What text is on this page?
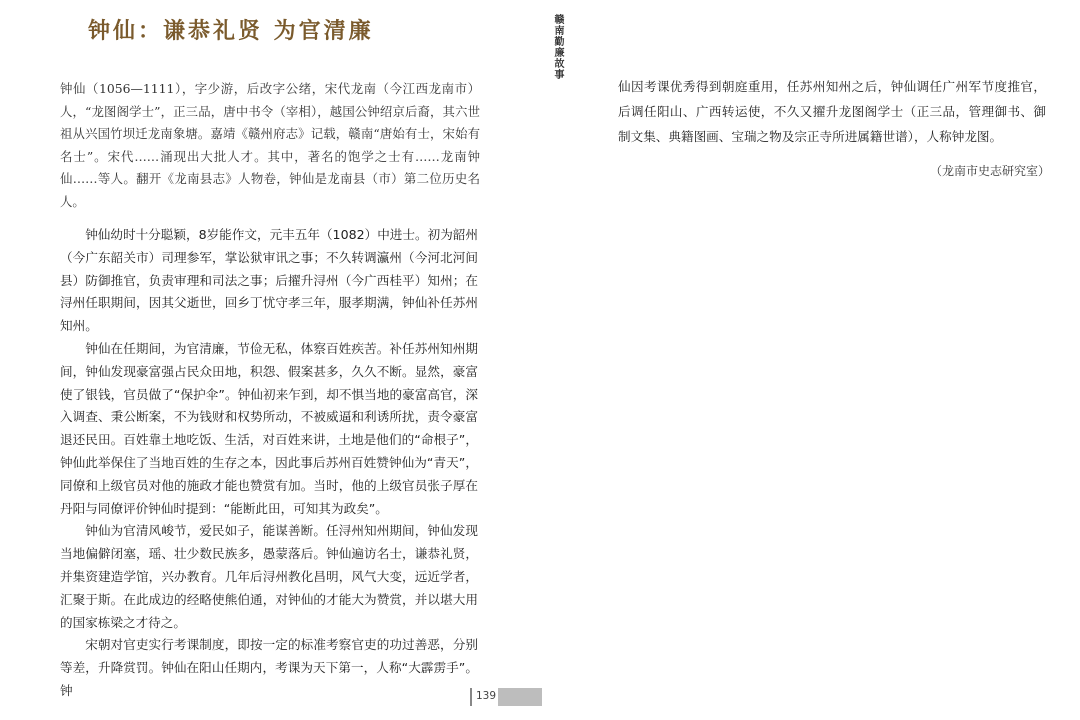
钟仙：谦恭礼贤 为官清廉
钟仙（1056—1111），字少游，后改字公绪，宋代龙南（今江西龙南市）人，“龙图阁学士”，正三品，唐中书令（宰相），越国公钟绍京后裔，其六世祖从兴国竹坝迁龙南象塘。嘉靖《赣州府志》记载，赣南“唐始有士，宋始有名士”。宋代……涌现出大批人才。其中，著名的饱学之士有……龙南钟仙……等人。翻开《龙南县志》人物卷，钟仙是龙南县（市）第二位历史名人。

钟仙幼时十分聪颖，8岁能作文，元丰五年（1082）中进士。初为韶州（今广东韶关市）司理参军，掌讼狱审讯之事；不久转调瀛州（今河北河间县）防御推官，负责审理和司法之事；后擢升浔州（今广西桂平）知州；在浔州任职期间，因其父逝世，回乡丁忧守孝三年，服孝期满，钟仙补任苏州知州。

钟仙在任期间，为官清廉，节俭无私，体察百姓疾苦。补任苏州知州期间，钟仙发现豪富强占民众田地，积怨、假案甚多，久久不断。显然，豪富使了银钱，官员做了“保护伞”。钟仙初来乍到，却不惧当地的豪富高官，深入调查、秉公断案，不为钱财和权势所动，不被威逼和利诱所扰，责令豪富退还民田。百姓靠土地吃饭、生活，对百姓来讲，土地是他们的“命根子”，钟仙此举保住了当地百姓的生存之本，因此事后苏州百姓赞钟仙为“青天”，同僚和上级官员对他的施政才能也赞赏有加。当时，他的上级官员张子厚在丹阳与同僚评价钟仙时提到：“能断此田，可知其为政矣”。

钟仙为官清风峻节，爱民如子，能谋善断。任浔州知州期间，钟仙发现当地偏僻闭塞，瑶、壮少数民族多，愚蒙落后。钟仙遍访名士，谦恭礼贤，并集资建造学馆，兴办教育。几年后浔州教化昌明，风气大变，远近学者，汇聚于斯。在此成边的经略使熊伯通，对钟仙的才能大为赞赏，并以堪大用的国家栋梁之才待之。

宋朝对官吏实行考课制度，即按一定的标准考察官吏的功过善恶，分别等差，升降赏罚。钟仙在阳山任期内，考课为天下第一，人称“大霹雳手”。钟

赣南勤廉故事
仙因考课优秀得到朝庭重用，任苏州知州之后，钟仙调任广州军节度推官，后调任阳山、广西转运使，不久又擢升龙图阁学士（正三品，管理御书、御制文集、典籍图画、宝瑞之物及宗正寺所进属籍世谱），人称钟龙图。
（龙南市史志研究室）
139
